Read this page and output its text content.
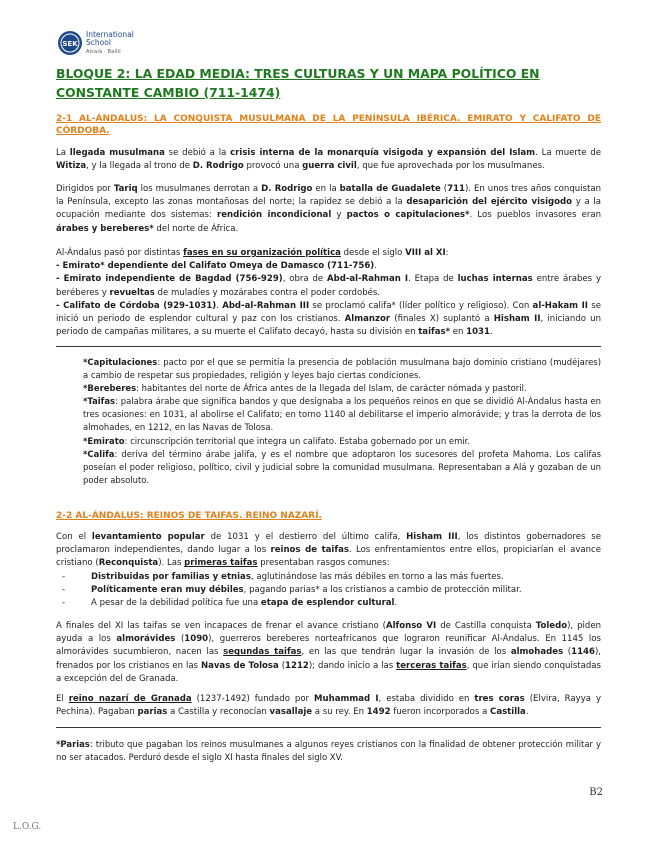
SEK
International
School
Alcalá · Ballil
BLOQUE 2: LA EDAD MEDIA: TRES CULTURAS Y UN MAPA POLÍTICO EN CONSTANTE CAMBIO (711-1474)
2-1 AL-ÁNDALUS: LA CONQUISTA MUSULMANA DE LA PENÍNSULA IBÉRICA. EMIRATO Y CALIFATO DE CÓRDOBA.

La llegada musulmana se debió a la crisis interna de la monarquía visigoda y expansión del Islam. La muerte de Witiza, y la llegada al trono de D. Rodrigo provocó una guerra civil, que fue aprovechada por los musulmanes.

Dirigidos por Tariq los musulmanes derrotan a D. Rodrigo en la batalla de Guadalete (711). En unos tres años conquistan la Península, excepto las zonas montañosas del norte; la rapidez se debió a la desaparición del ejército visigodo y a la ocupación mediante dos sistemas: rendición incondicional y pactos o capitulaciones*. Los pueblos invasores eran árabes y bereberes* del norte de África.

Al-Ándalus pasó por distintas fases en su organización política desde el siglo VIII al XI:
- Emirato* dependiente del Califato Omeya de Damasco (711-756).
- Emirato independiente de Bagdad (756-929), obra de Abd-al-Rahman I. Etapa de luchas internas entre árabes y beréberes y revueltas de muladíes y mozárabes contra el poder cordobés.
- Califato de Córdoba (929-1031). Abd-al-Rahman III se proclamó califa* (líder político y religioso). Con al-Hakam II se inició un periodo de esplendor cultural y paz con los cristianos. Almanzor (finales X) suplantó a Hisham II, iniciando un periodo de campañas militares, a su muerte el Califato decayó, hasta su división en taifas* en 1031.
*Capitulaciones: pacto por el que se permitía la presencia de población musulmana bajo dominio cristiano (mudéjares) a cambio de respetar sus propiedades, religión y leyes bajo ciertas condiciones.
*Bereberes: habitantes del norte de África antes de la llegada del Islam, de carácter nómada y pastoril.
*Taifas: palabra árabe que significa bandos y que designaba a los pequeños reinos en que se dividió Al-Ándalus hasta en tres ocasiones: en 1031, al abolirse el Califato; en torno 1140 al debilitarse el imperio almorávide; y tras la derrota de los almohades, en 1212, en las Navas de Tolosa.
*Emirato: circunscripción territorial que integra un califato. Estaba gobernado por un emir.
*Califa: deriva del término árabe jalifa, y es el nombre que adoptaron los sucesores del profeta Mahoma. Los califas poseían el poder religioso, político, civil y judicial sobre la comunidad musulmana. Representaban a Alá y gozaban de un poder absoluto.
2-2 AL-ÁNDALUS: REINOS DE TAIFAS. REINO NAZARÍ.

Con el levantamiento popular de 1031 y el destierro del último califa, Hisham III, los distintos gobernadores se proclamaron independientes, dando lugar a los reinos de taifas. Los enfrentamientos entre ellos, propiciarían el avance cristiano (Reconquista). Las primeras taifas presentaban rasgos comunes:

-	Distribuidas por familias y etnias, aglutinándose las más débiles en torno a las más fuertes.
-	Políticamente eran muy débiles, pagando parias* a los cristianos a cambio de protección militar.
-	A pesar de la debilidad política fue una etapa de esplendor cultural.

A finales del XI las taifas se ven incapaces de frenar el avance cristiano (Alfonso VI de Castilla conquista Toledo), piden ayuda a los almorávides (1090), guerreros bereberes norteafricanos que lograron reunificar Al-Ándalus. En 1145 los almorávides sucumbieron, nacen las segundas taifas, en las que tendrán lugar la invasión de los almohades (1146), frenados por los cristianos en las Navas de Tolosa (1212); dando inicio a las terceras taifas, que irían siendo conquistadas a excepción del de Granada.

El reino nazarí de Granada (1237-1492) fundado por Muhammad I, estaba dividido en tres coras (Elvira, Rayya y Pechina). Pagaban parias a Castilla y reconocían vasallaje a su rey. En 1492 fueron incorporados a Castilla.

*Parias: tributo que pagaban los reinos musulmanes a algunos reyes cristianos con la finalidad de obtener protección militar y no ser atacados. Perduró desde el siglo XI hasta finales del siglo XV.

B2
L.O.G.
